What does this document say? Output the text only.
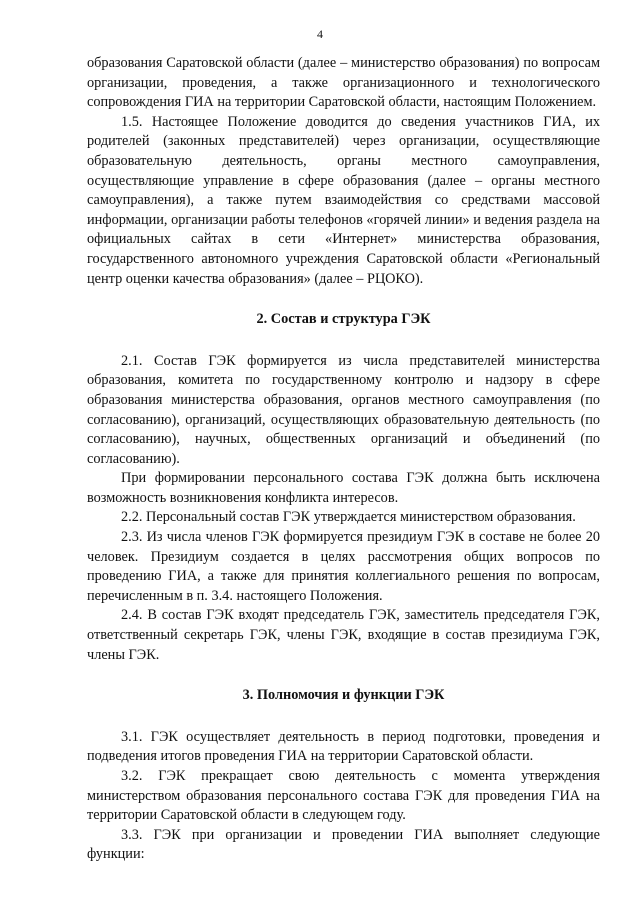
4

образования Саратовской области (далее – министерство образования) по вопросам организации, проведения, а также организационного и технологического сопровождения ГИА на территории Саратовской области, настоящим Положением.

1.5. Настоящее Положение доводится до сведения участников ГИА, их родителей (законных представителей) через организации, осуществляющие образовательную деятельность, органы местного самоуправления, осуществляющие управление в сфере образования (далее – органы местного самоуправления), а также путем взаимодействия со средствами массовой информации, организации работы телефонов «горячей линии» и ведения раздела на официальных сайтах в сети «Интернет» министерства образования, государственного автономного учреждения Саратовской области «Региональный центр оценки качества образования» (далее – РЦОКО).

2. Состав и структура ГЭК

2.1. Состав ГЭК формируется из числа представителей министерства образования, комитета по государственному контролю и надзору в сфере образования министерства образования, органов местного самоуправления (по согласованию), организаций, осуществляющих образовательную деятельность (по согласованию), научных, общественных организаций и объединений (по согласованию).

При формировании персонального состава ГЭК должна быть исключена возможность возникновения конфликта интересов.

2.2. Персональный состав ГЭК утверждается министерством образования.

2.3. Из числа членов ГЭК формируется президиум ГЭК в составе не более 20 человек. Президиум создается в целях рассмотрения общих вопросов по проведению ГИА, а также для принятия коллегиального решения по вопросам, перечисленным в п. 3.4. настоящего Положения.

2.4. В состав ГЭК входят председатель ГЭК, заместитель председателя ГЭК, ответственный секретарь ГЭК, члены ГЭК, входящие в состав президиума ГЭК, члены ГЭК.

3. Полномочия и функции ГЭК

3.1. ГЭК осуществляет деятельность в период подготовки, проведения и подведения итогов проведения ГИА на территории Саратовской области.

3.2. ГЭК прекращает свою деятельность с момента утверждения министерством образования персонального состава ГЭК для проведения ГИА на территории Саратовской области в следующем году.

3.3. ГЭК при организации и проведении ГИА выполняет следующие функции:
